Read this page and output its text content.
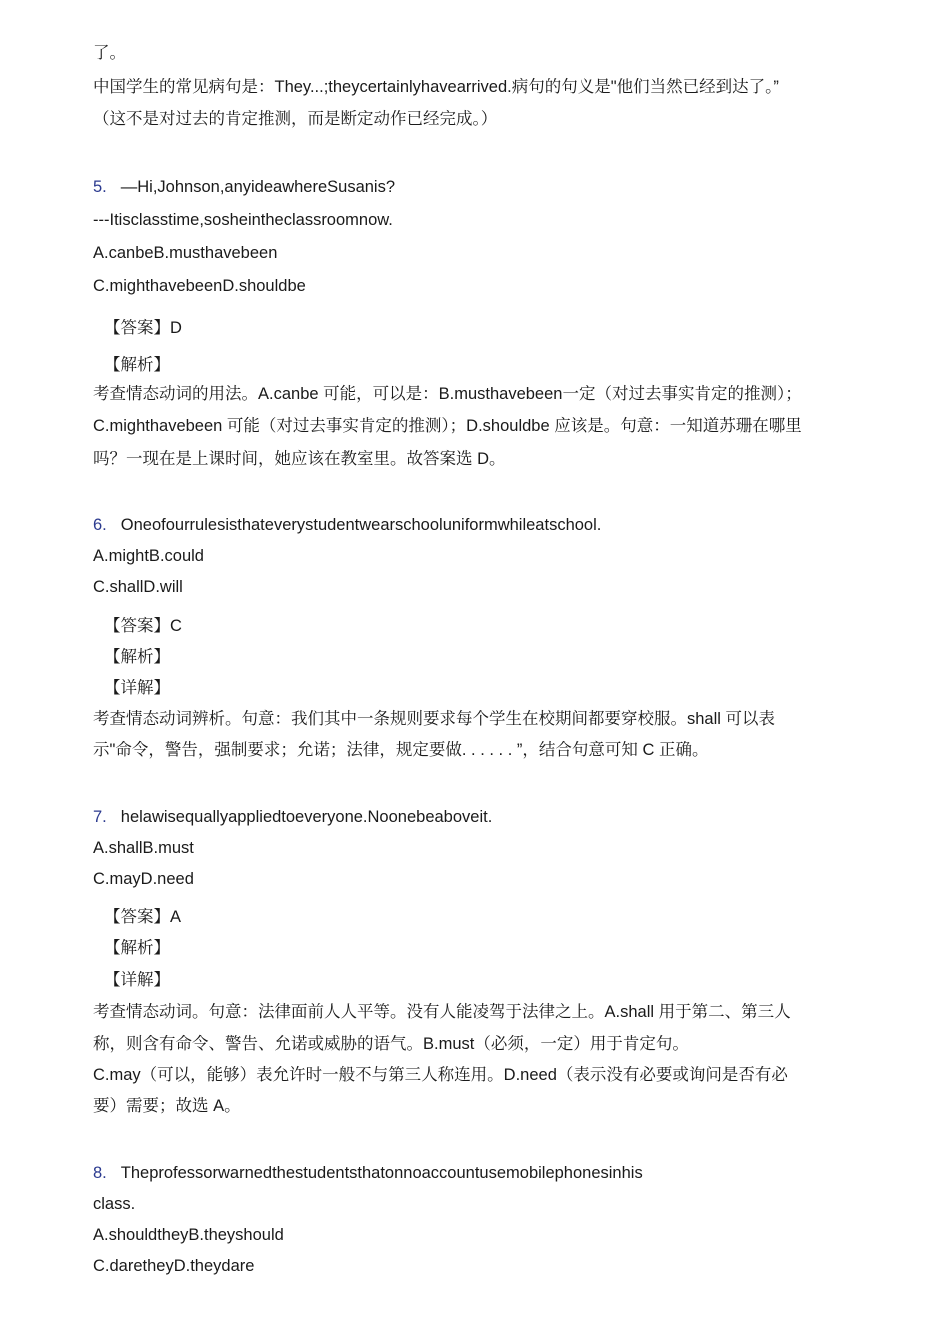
了。
中国学生的常见病句是：They...;theycertainlyhavearrived.病句的句义是"他们当然已经到达了。”
（这不是对过去的肯定推测，而是断定动作已经完成。）
5. —Hi,Johnson,anyideawhereSusanis?
---Itisclasstime,sosheintheclassroomnow.
A.canbeB.musthavebeen
C.mighthavebeenD.shouldbe
【答案】D
【解析】
考查情态动词的用法。A.canbe 可能，可以是：B.musthavebeen一定（对过去事实肯定的推测）；
C.mighthavebeen 可能（对过去事实肯定的推测）；D.shouldbe 应该是。句意：一知道苏珊在哪里
吗？一现在是上课时间，她应该在教室里。故答案选 D。
6. Oneofourrulesisthateverystudentwearschooluniformwhileatschool.
A.mightB.could
C.shallD.will
【答案】C
【解析】
【详解】
考查情态动词辨析。句意：我们其中一条规则要求每个学生在校期间都要穿校服。shall 可以表
示"命令，警告，强制要求；允诺；法律，规定要做. . . . . . ”，结合句意可知 C 正确。
7. helawisequallyappliedtoeveryone.Noonebeaboveit.
A.shallB.must
C.mayD.need
【答案】A
【解析】
【详解】
考查情态动词。句意：法律面前人人平等。没有人能凌驾于法律之上。A.shall 用于第二、第三人
称，则含有命令、警告、允诺或威胁的语气。B.must（必须，一定）用于肯定句。
C.may（可以，能够）表允许时一般不与第三人称连用。D.need（表示没有必要或询问是否有必
要）需要；故选 A。
8. Theprofessorwarnedthestudentsthatonnoaccountusemobilephonesinhis
class.
A.shouldtheyB.theyshould
C.daretheyD.theydare
